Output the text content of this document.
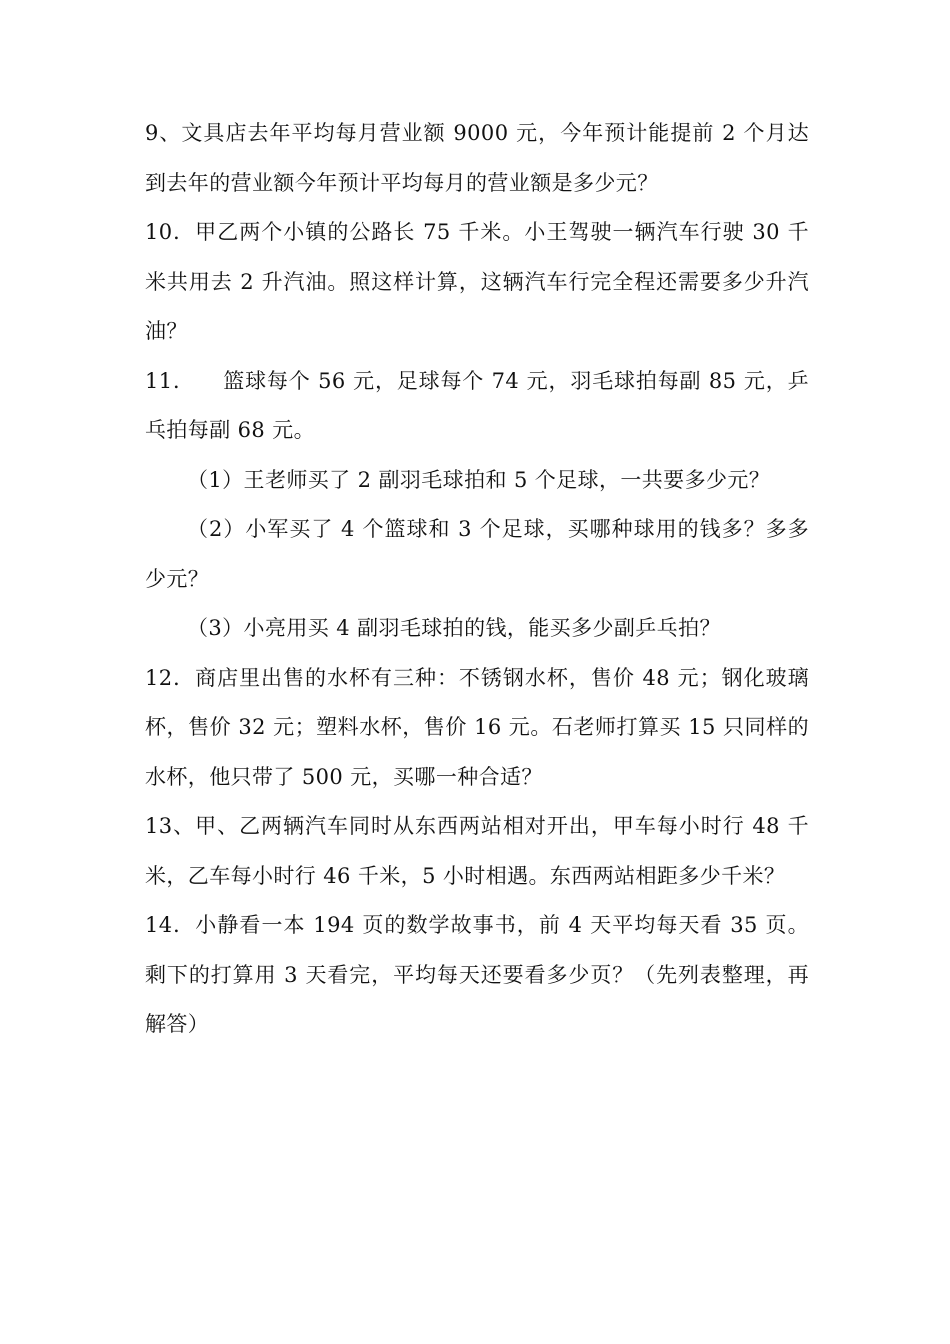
9、文具店去年平均每月营业额 9000 元，今年预计能提前 2 个月达到去年的营业额今年预计平均每月的营业额是多少元？

10．甲乙两个小镇的公路长 75 千米。小王驾驶一辆汽车行驶 30 千米共用去 2 升汽油。照这样计算，这辆汽车行完全程还需要多少升汽油？

11． 篮球每个 56 元，足球每个 74 元，羽毛球拍每副 85 元，乒乓拍每副 68 元。

（1）王老师买了 2 副羽毛球拍和 5 个足球，一共要多少元？

（2）小军买了 4 个篮球和 3 个足球，买哪种球用的钱多？多多少元？

（3）小亮用买 4 副羽毛球拍的钱，能买多少副乒乓拍？

12．商店里出售的水杯有三种：不锈钢水杯，售价 48 元；钢化玻璃杯，售价 32 元；塑料水杯，售价 16 元。石老师打算买 15 只同样的水杯，他只带了 500 元，买哪一种合适？

13、甲、乙两辆汽车同时从东西两站相对开出，甲车每小时行 48 千米，乙车每小时行 46 千米，5 小时相遇。东西两站相距多少千米？

14．小静看一本 194 页的数学故事书，前 4 天平均每天看 35 页。剩下的打算用 3 天看完，平均每天还要看多少页？（先列表整理，再解答）
